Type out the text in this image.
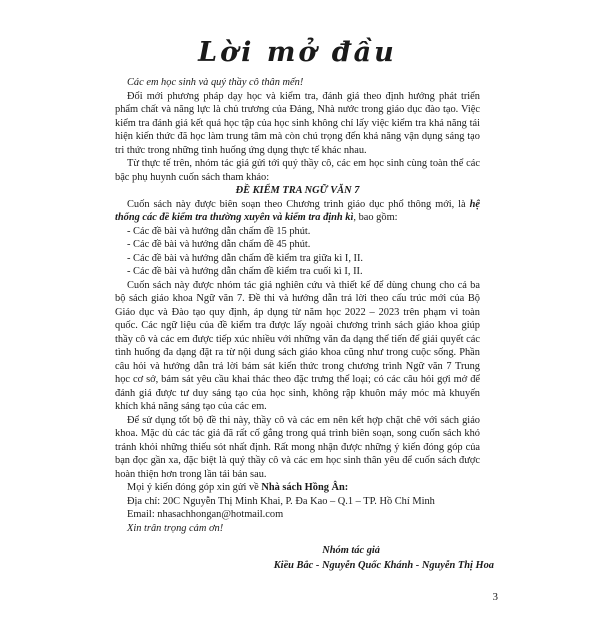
Lời mở đầu

Các em học sinh và quý thầy cô thân mến!

Đổi mới phương pháp dạy học và kiểm tra, đánh giá theo định hướng phát triển phẩm chất và năng lực là chủ trương của Đảng, Nhà nước trong giáo dục đào tạo. Việc kiểm tra đánh giá kết quả học tập của học sinh không chỉ lấy việc kiểm tra khả năng tái hiện kiến thức đã học làm trung tâm mà còn chú trọng đến khả năng vận dụng sáng tạo tri thức trong những tình huống ứng dụng thực tế khác nhau.

Từ thực tế trên, nhóm tác giả gửi tới quý thầy cô, các em học sinh cùng toàn thể các bậc phụ huynh cuốn sách tham khảo:

ĐỀ KIỂM TRA NGỮ VĂN 7

Cuốn sách này được biên soạn theo Chương trình giáo dục phổ thông mới, là hệ thống các đề kiểm tra thường xuyên và kiểm tra định kì, bao gồm:

- Các đề bài và hướng dẫn chấm đề 15 phút.

- Các đề bài và hướng dẫn chấm đề 45 phút.

- Các đề bài và hướng dẫn chấm đề kiểm tra giữa kì I, II.

- Các đề bài và hướng dẫn chấm đề kiểm tra cuối kì I, II.

Cuốn sách này được nhóm tác giả nghiên cứu và thiết kế để dùng chung cho cả ba bộ sách giáo khoa Ngữ văn 7. Đề thi và hướng dẫn trả lời theo cấu trúc mới của Bộ Giáo dục và Đào tạo quy định, áp dụng từ năm học 2022 – 2023 trên phạm vi toàn quốc. Các ngữ liệu của đề kiểm tra được lấy ngoài chương trình sách giáo khoa giúp thầy cô và các em được tiếp xúc nhiều với những văn đa dạng thể tiến để giải quyết các tình huống đa dạng đặt ra từ nội dung sách giáo khoa cũng như trong cuộc sống. Phần câu hỏi và hướng dẫn trả lời bám sát kiến thức trong chương trình Ngữ văn 7 Trung học cơ sở, bám sát yêu cầu khai thác theo đặc trưng thể loại; có các câu hỏi gợi mở để đánh giá được tư duy sáng tạo của học sinh, không rập khuôn máy móc mà khuyến khích khả năng sáng tạo của các em.

Để sử dụng tốt bộ đề thi này, thầy cô và các em nên kết hợp chặt chẽ với sách giáo khoa. Mặc dù các tác giả đã rất cố gắng trong quá trình biên soạn, song cuốn sách khó tránh khỏi những thiếu sót nhất định. Rất mong nhận được những ý kiến đóng góp của bạn đọc gần xa, đặc biệt là quý thầy cô và các em học sinh thân yêu để cuốn sách được hoàn thiện hơn trong lần tái bản sau.

Mọi ý kiến đóng góp xin gửi về Nhà sách Hồng Ân:

Địa chỉ: 20C Nguyễn Thị Minh Khai, P. Đa Kao – Q.1 – TP. Hồ Chí Minh

Email: nhasachhongan@hotmail.com

Xin trân trọng cảm ơn!

Nhóm tác giả
Kiều Bắc - Nguyễn Quốc Khánh - Nguyễn Thị Hoa
3
